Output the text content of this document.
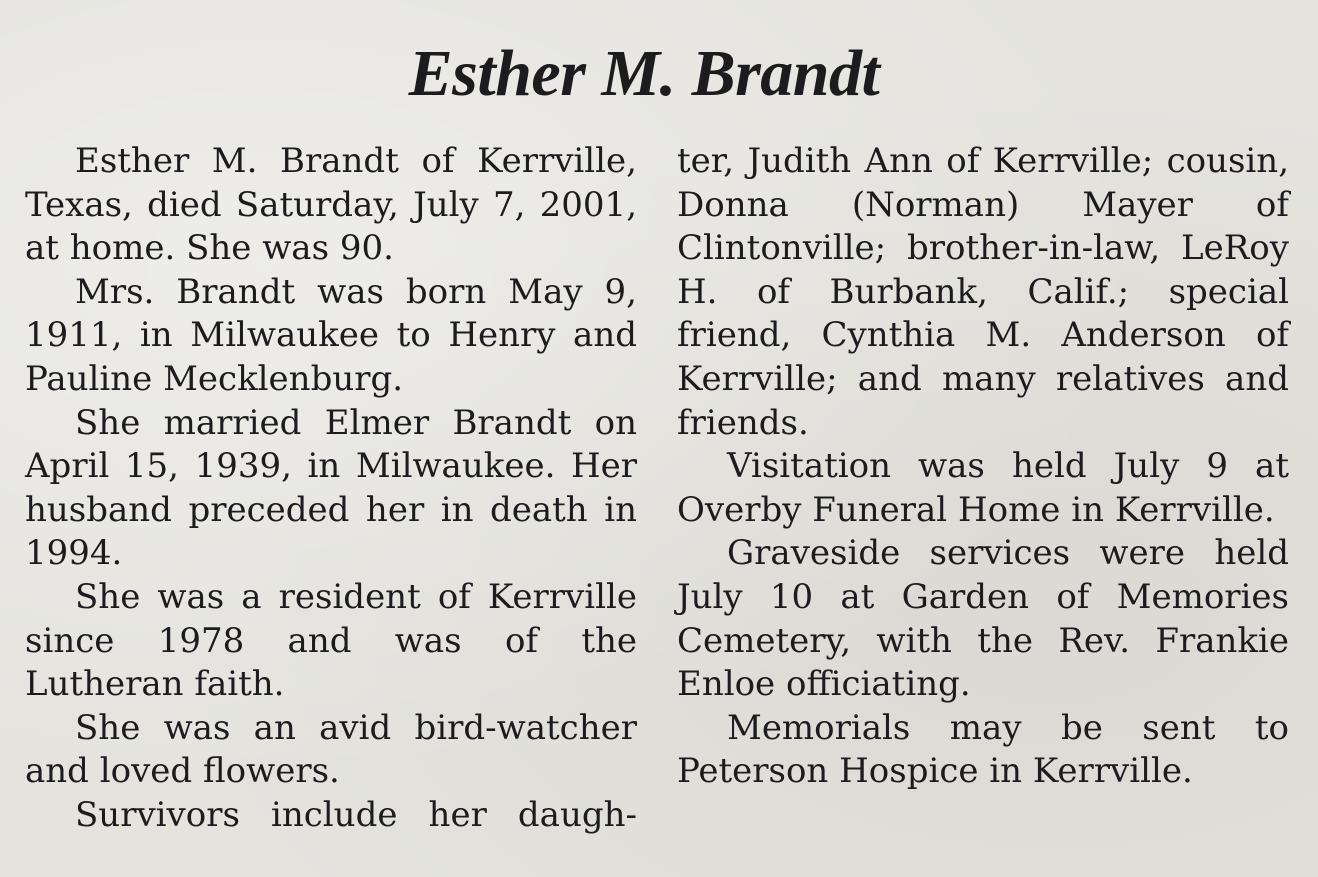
Esther M. Brandt

Esther M. Brandt of Kerrville, Texas, died Saturday, July 7, 2001, at home. She was 90.

Mrs. Brandt was born May 9, 1911, in Milwaukee to Henry and Pauline Mecklenburg.

She married Elmer Brandt on April 15, 1939, in Milwaukee. Her husband preceded her in death in 1994.

She was a resident of Kerrville since 1978 and was of the Lutheran faith.

She was an avid bird-watcher and loved flowers.

Survivors include her daugh-

ter, Judith Ann of Kerrville; cousin, Donna (Norman) Mayer of Clintonville; brother-in-law, LeRoy H. of Burbank, Calif.; special friend, Cynthia M. Anderson of Kerrville; and many relatives and friends.

Visitation was held July 9 at Overby Funeral Home in Kerrville.

Graveside services were held July 10 at Garden of Memories Cemetery, with the Rev. Frankie Enloe officiating.

Memorials may be sent to Peterson Hospice in Kerrville.
